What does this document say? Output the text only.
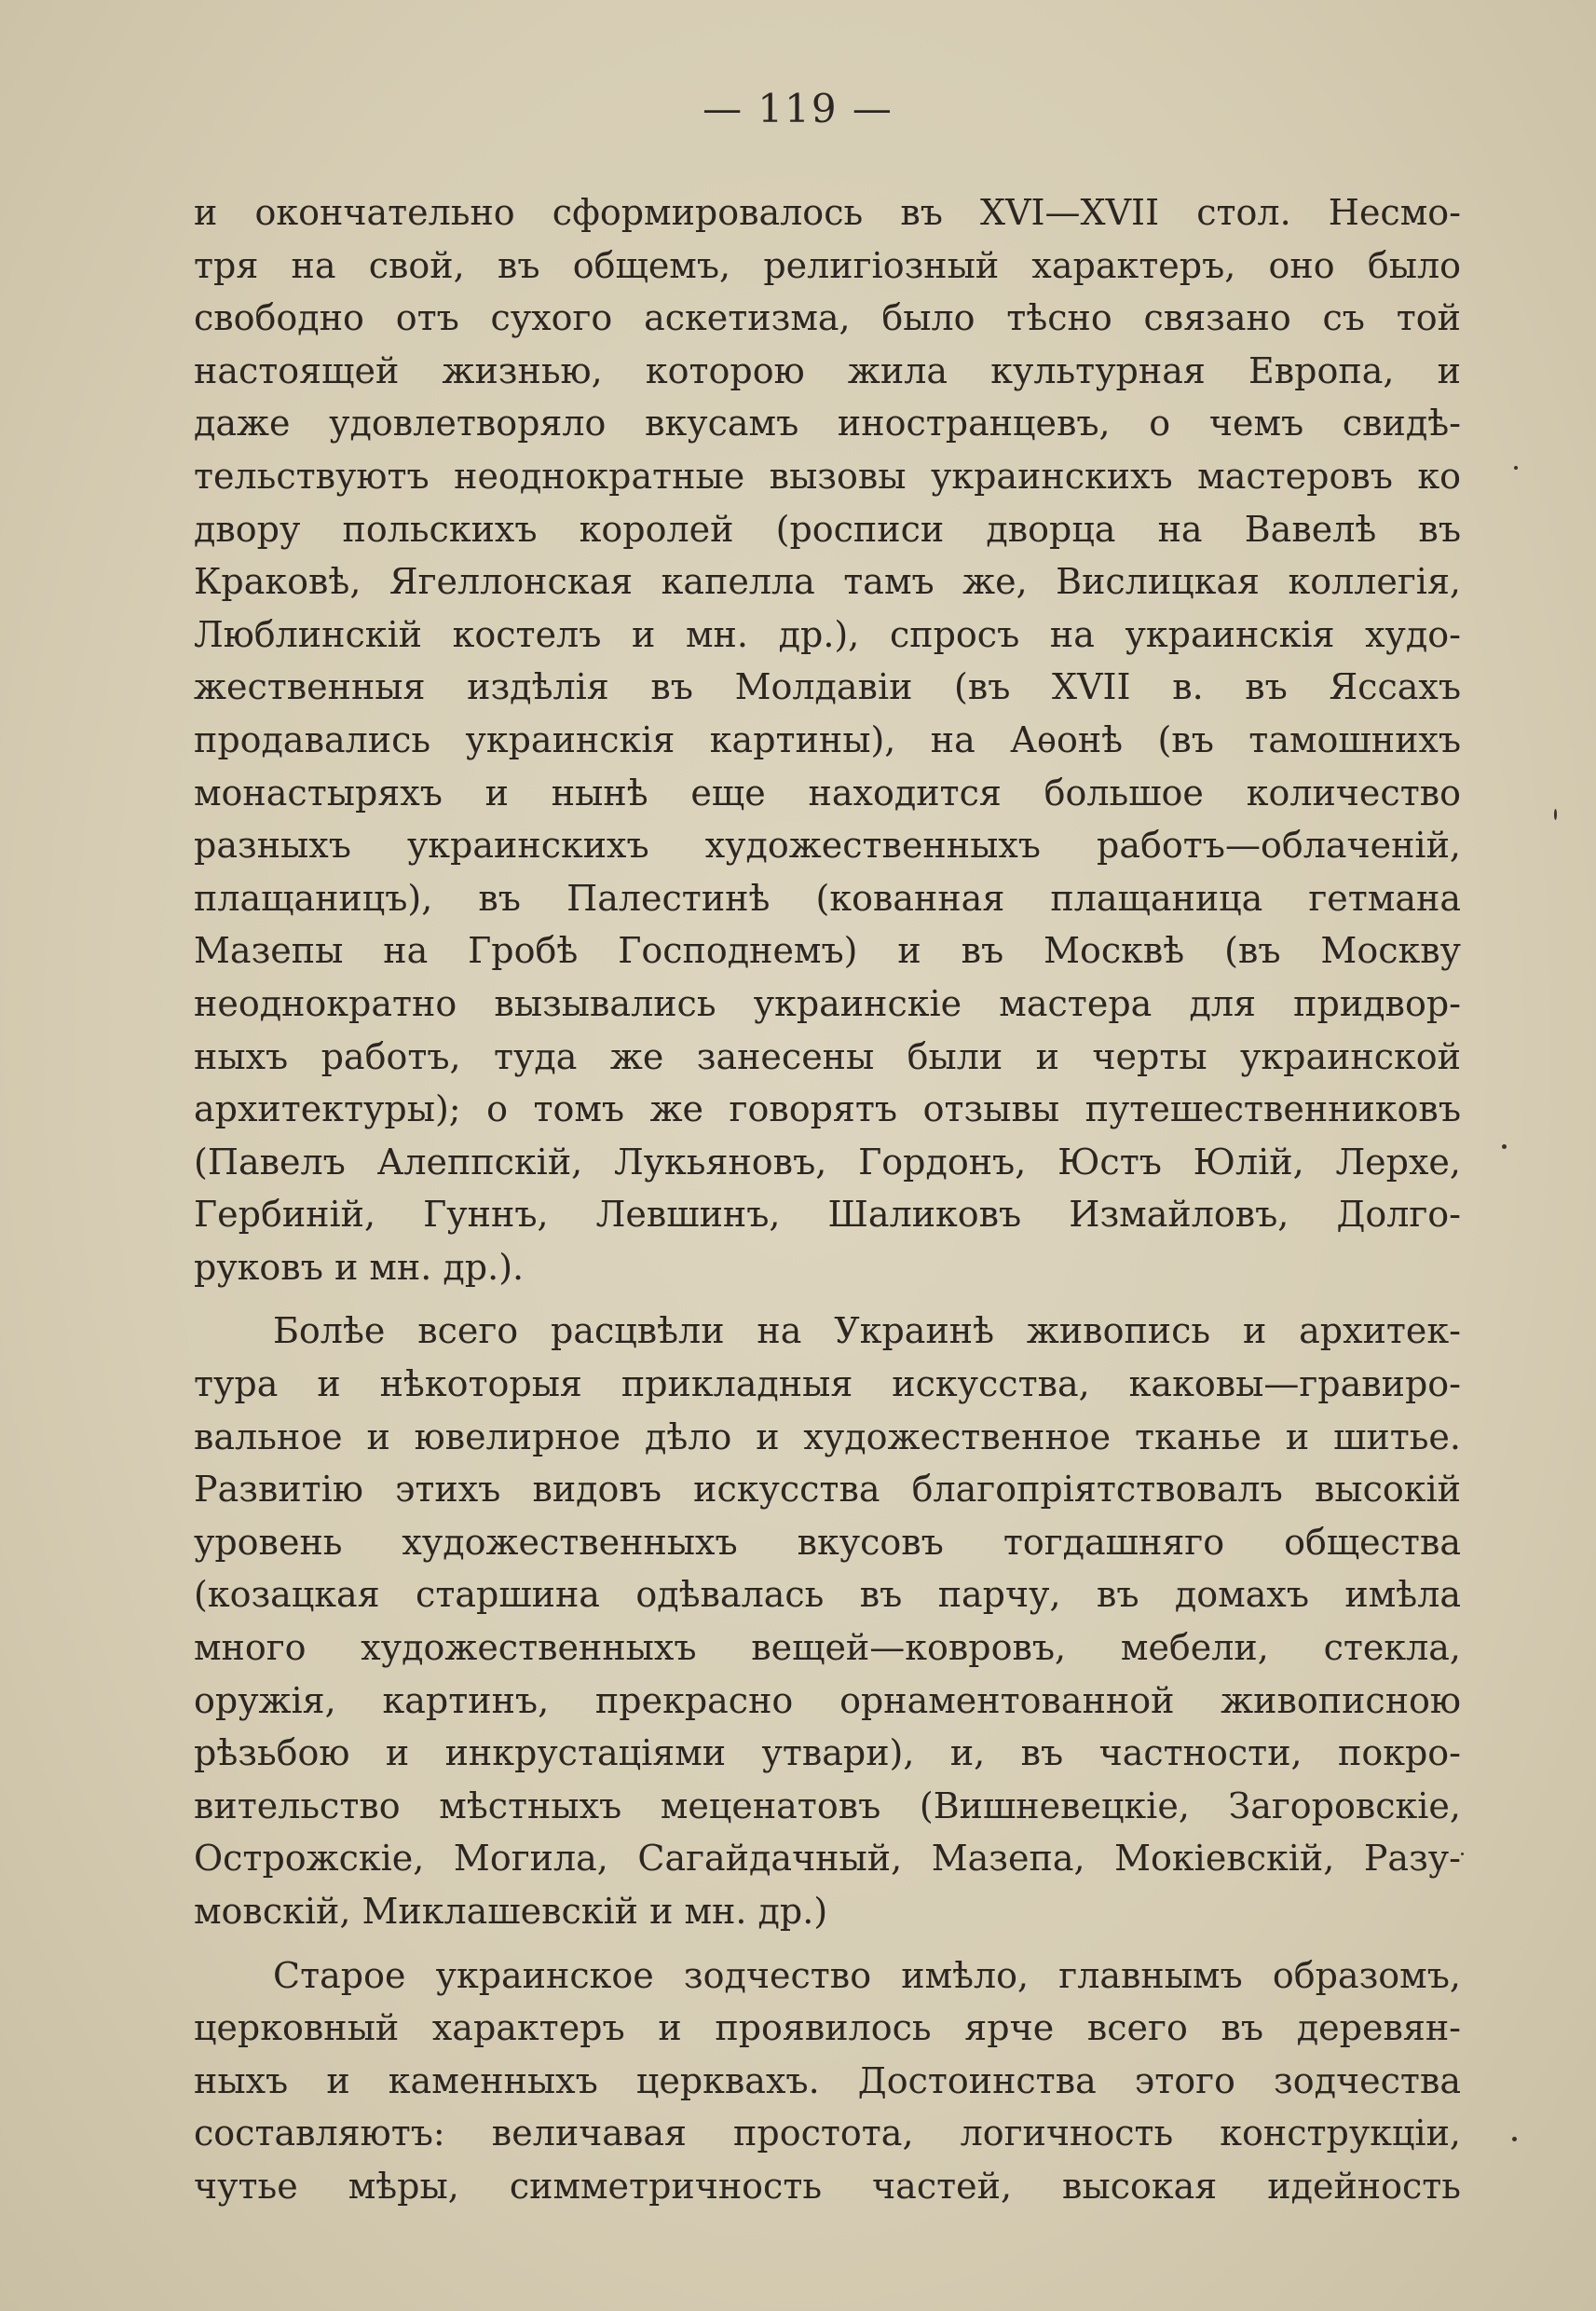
— 119 —
и окончательно сформировалось въ XVI—XVII стол. Несмо-
тря на свой, въ общемъ, религіозный характеръ, оно было
свободно отъ сухого аскетизма, было тѣсно связано съ той
настоящей жизнью, которою жила культурная Европа, и
даже удовлетворяло вкусамъ иностранцевъ, о чемъ свидѣ-
тельствуютъ неоднократные вызовы украинскихъ мастеровъ ко
двору польскихъ королей (росписи дворца на Вавелѣ въ
Краковѣ, Ягеллонская капелла тамъ же, Вислицкая коллегія,
Люблинскій костелъ и мн. др.), спросъ на украинскія худо-
жественныя издѣлія въ Молдавіи (въ XVII в. въ Яссахъ
продавались украинскія картины), на Аѳонѣ (въ тамошнихъ
монастыряхъ и нынѣ еще находится большое количество
разныхъ украинскихъ художественныхъ работъ—облаченій,
плащаницъ), въ Палестинѣ (кованная плащаница гетмана
Мазепы на Гробѣ Господнемъ) и въ Москвѣ (въ Москву
неоднократно вызывались украинскіе мастера для придвор-
ныхъ работъ, туда же занесены были и черты украинской
архитектуры); о томъ же говорятъ отзывы путешественниковъ
(Павелъ Алеппскій, Лукьяновъ, Гордонъ, Юстъ Юлій, Лерхе,
Гербиній, Гуннъ, Левшинъ, Шаликовъ Измайловъ, Долго-
руковъ и мн. др.).
Болѣе всего расцвѣли на Украинѣ живопись и архитек-
тура и нѣкоторыя прикладныя искусства, каковы—гравиро-
вальное и ювелирное дѣло и художественное тканье и шитье.
Развитію этихъ видовъ искусства благопріятствовалъ высокій
уровень художественныхъ вкусовъ тогдашняго общества
(козацкая старшина одѣвалась въ парчу, въ домахъ имѣла
много художественныхъ вещей—ковровъ, мебели, стекла,
оружія, картинъ, прекрасно орнаментованной живописною
рѣзьбою и инкрустаціями утвари), и, въ частности, покро-
вительство мѣстныхъ меценатовъ (Вишневецкіе, Загоровскіе,
Острожскіе, Могила, Сагайдачный, Мазепа, Мокіевскій, Разу-
мовскій, Миклашевскій и мн. др.)
Старое украинское зодчество имѣло, главнымъ образомъ,
церковный характеръ и проявилось ярче всего въ деревян-
ныхъ и каменныхъ церквахъ. Достоинства этого зодчества
составляютъ: величавая простота, логичность конструкціи,
чутье мѣры, симметричность частей, высокая идейность
